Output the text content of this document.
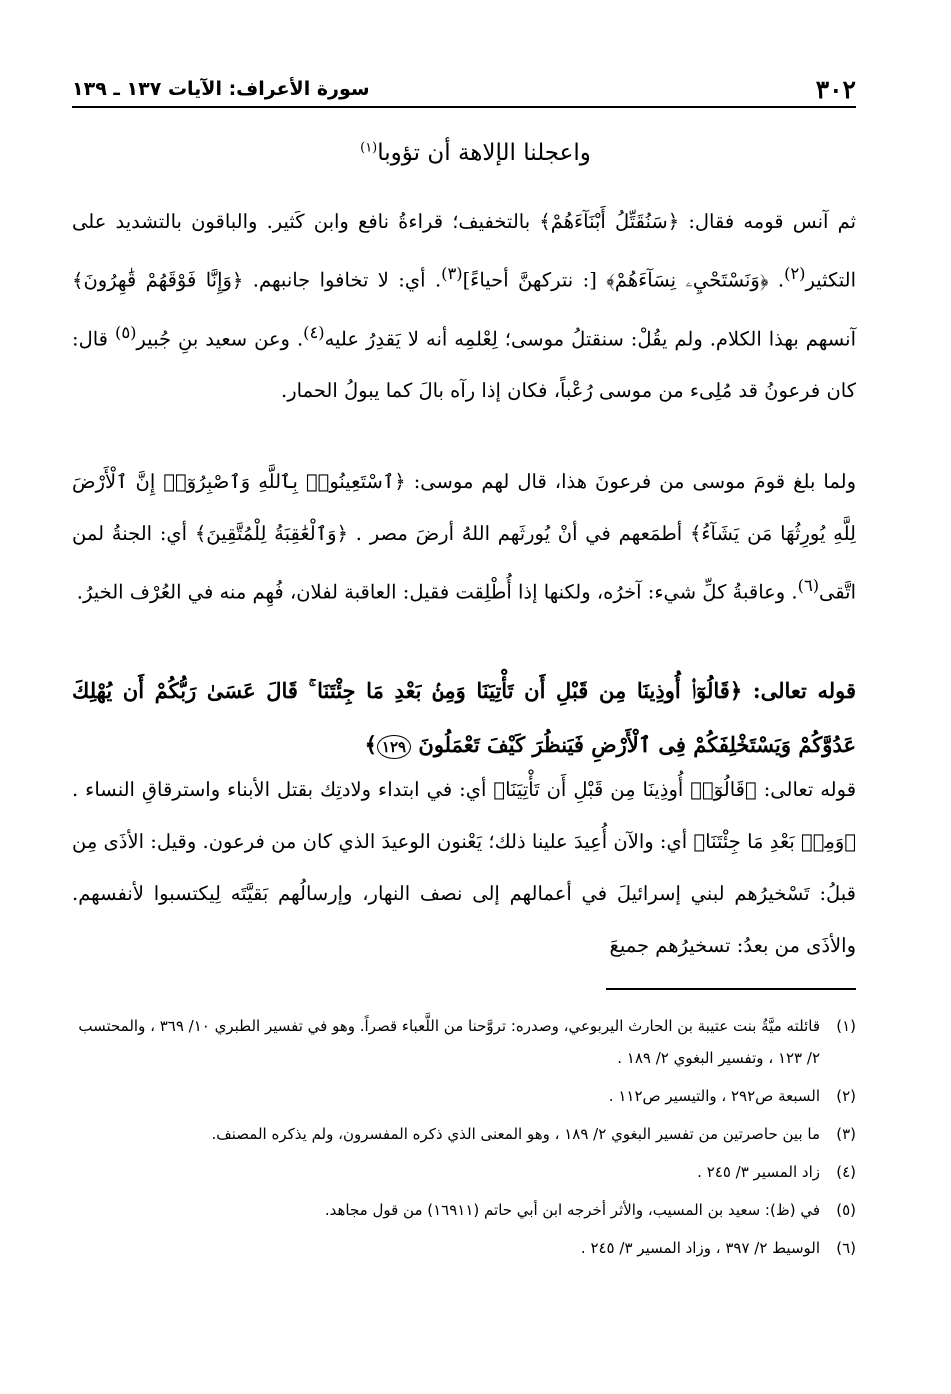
٣٠٢
سورة الأعراف: الآيات ١٣٧ ـ ١٣٩
واعجلنا الإلاهة أن تؤوبا$^{(١)}$

ثم آنس قومه فقال: ﴿ سَنُقَتِّلُ أَبْنَآءَهُمْ ﴾ بالتخفيف؛ قراءةُ نافع وابن كَثير. والباقون بالتشديد على التكثير$^{(٢)}$. ﴿ وَنَسْتَحْيِۦ نِسَآءَهُمْ ﴾ [: نتركهنَّ أحياءً]$^{(٣)}$. أي: لا تخافوا جانبهم. ﴿ وَإِنَّا فَوْقَهُمْ قَٰهِرُونَ ﴾ آنسهم بهذا الكلام. ولم يقُلْ: سنقتلُ موسى؛ لِعْلمِه أنه لا يَقدِرُ عليه$^{(٤)}$. وعن سعيد بنِ جُبير$^{(٥)}$ قال: كان فرعونُ قد مُلِىء من موسى رُعْباً، فكان إذا رآه بالَ كما يبولُ الحمار.

ولما بلغ قومَ موسى من فرعونَ هذا، قال لهم موسى: ﴿ ٱسْتَعِينُوا۟ بِٱللَّهِ وَٱصْبِرُوٓا۟ إِنَّ ٱلْأَرْضَ لِلَّهِ يُورِثُهَا مَن يَشَآءُ ﴾ أطمَعهم في أنْ يُورثَهم اللهُ أرضَ مصر . ﴿ وَٱلْعَٰقِبَةُ لِلْمُتَّقِينَ ﴾ أي: الجنةُ لمن اتَّقى$^{(٦)}$. وعاقبةُ كلِّ شيء: آخرُه، ولكنها إذا أُطْلِقت فقيل: العاقبة لفلان، فُهِم منه في العُرْف الخيرُ.

قوله تعالى: ﴿قَالُوٓا۟ أُوذِينَا مِن قَبْلِ أَن تَأْتِيَنَا وَمِنۢ بَعْدِ مَا جِئْتَنَا ۚ قَالَ عَسَىٰ رَبُّكُمْ أَن يُهْلِكَ عَدُوَّكُمْ وَيَسْتَخْلِفَكُمْ فِى ٱلْأَرْضِ فَيَنظُرَ كَيْفَ تَعْمَلُونَ ١٢٩﴾

قوله تعالى: ﴿ قَالُوٓا۟ أُوذِينَا مِن قَبْلِ أَن تَأْتِيَنَا ﴾ أي: في ابتداء ولادتِك بقتل الأبناء واسترقاقِ النساء . ﴿ وَمِنۢ بَعْدِ مَا جِئْتَنَا ﴾ أي: والآن أُعِيدَ علينا ذلك؛ يَعْنون الوعيدَ الذي كان من فرعون. وقيل: الأذَى مِن قبلُ: تَسْخيرُهم لبني إسرائيلَ في أعمالهم إلى نصف النهار، وإرسالُهم بَقيَّتَه لِيكتسبوا لأنفسهم. والأذَى من بعدُ: تسخيرُهم جميعَ

(١)قائلته ميَّةُ بنت عتيبة بن الحارث اليربوعي، وصدره: تروَّحنا من اللَّعباء قصراً. وهو في تفسير الطبري ١٠/ ٣٦٩ ، والمحتسب ٢/ ١٢٣ ، وتفسير البغوي ٢/ ١٨٩ .

(٢)السبعة ص٢٩٢ ، والتيسير ص١١٢ .

(٣)ما بين حاصرتين من تفسير البغوي ٢/ ١٨٩ ، وهو المعنى الذي ذكره المفسرون، ولم يذكره المصنف.

(٤)زاد المسير ٣/ ٢٤٥ .

(٥)في (ظ): سعيد بن المسيب، والأثر أخرجه ابن أبي حاتم (١٦٩١١) من قول مجاهد.

(٦)الوسيط ٢/ ٣٩٧ ، وزاد المسير ٣/ ٢٤٥ .
